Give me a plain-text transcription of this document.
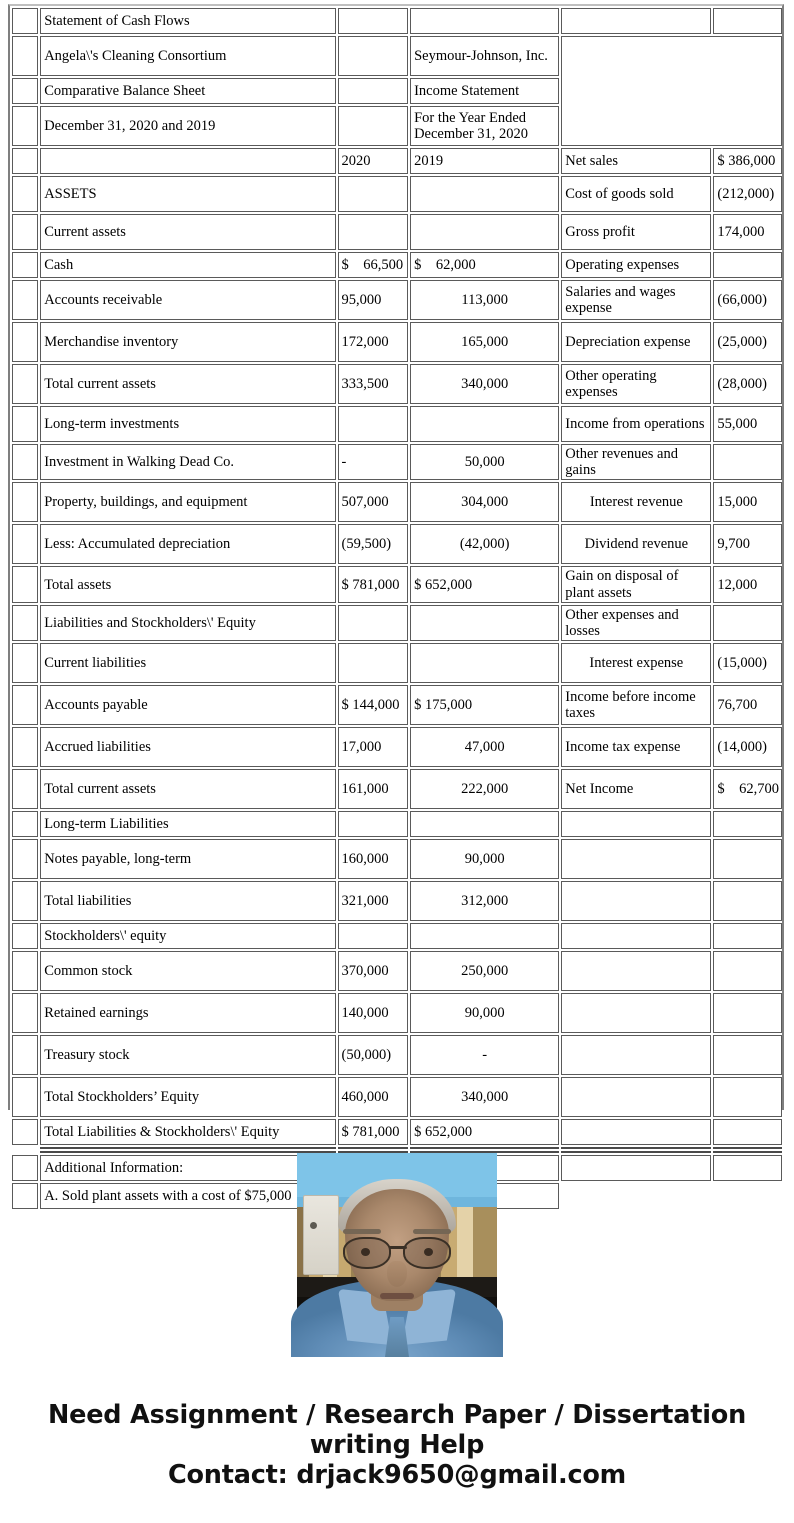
	Statement of Cash Flows				
	Angela\'s Cleaning Consortium		Seymour-Johnson, Inc.		
	Comparative Balance Sheet		Income Statement		
	December 31, 2020 and 2019		For the Year Ended December 31, 2020		
		2020	2019	Net sales	$ 386,000
	ASSETS			Cost of goods sold	(212,000)
	Current assets			Gross profit	174,000
	Cash	$    66,500	$    62,000	Operating expenses	
	Accounts receivable	95,000	113,000	Salaries and wages expense	(66,000)
	Merchandise inventory	172,000	165,000	Depreciation expense	(25,000)
	Total current assets	333,500	340,000	Other operating expenses	(28,000)
	Long-term investments			Income from operations	55,000
	Investment in Walking Dead Co.	-	50,000	Other revenues and gains	
	Property, buildings, and equipment	507,000	304,000	Interest revenue	15,000
	Less: Accumulated depreciation	(59,500)	(42,000)	Dividend revenue	9,700
	Total assets	$ 781,000	$ 652,000	Gain on disposal of plant assets	12,000
	Liabilities and Stockholders\' Equity			Other expenses and losses	
	Current liabilities			Interest expense	(15,000)
	Accounts payable	$ 144,000	$ 175,000	Income before income taxes	76,700
	Accrued liabilities	17,000	47,000	Income tax expense	(14,000)
	Total current assets	161,000	222,000	Net Income	$    62,700
	Long-term Liabilities				
	Notes payable, long-term	160,000	90,000		
	Total liabilities	321,000	312,000		
	Stockholders\' equity				
	Common stock	370,000	250,000		
	Retained earnings	140,000	90,000		
	Treasury stock	(50,000)	-		
	Total Stockholders’ Equity	460,000	340,000		
	Total Liabilities & Stockholders\' Equity	$ 781,000	$ 652,000		

	Additional Information:				
	A. Sold plant assets with a cost of $75,000				
Need Assignment / Research Paper / Dissertation writing Help
Contact: drjack9650@gmail.com
